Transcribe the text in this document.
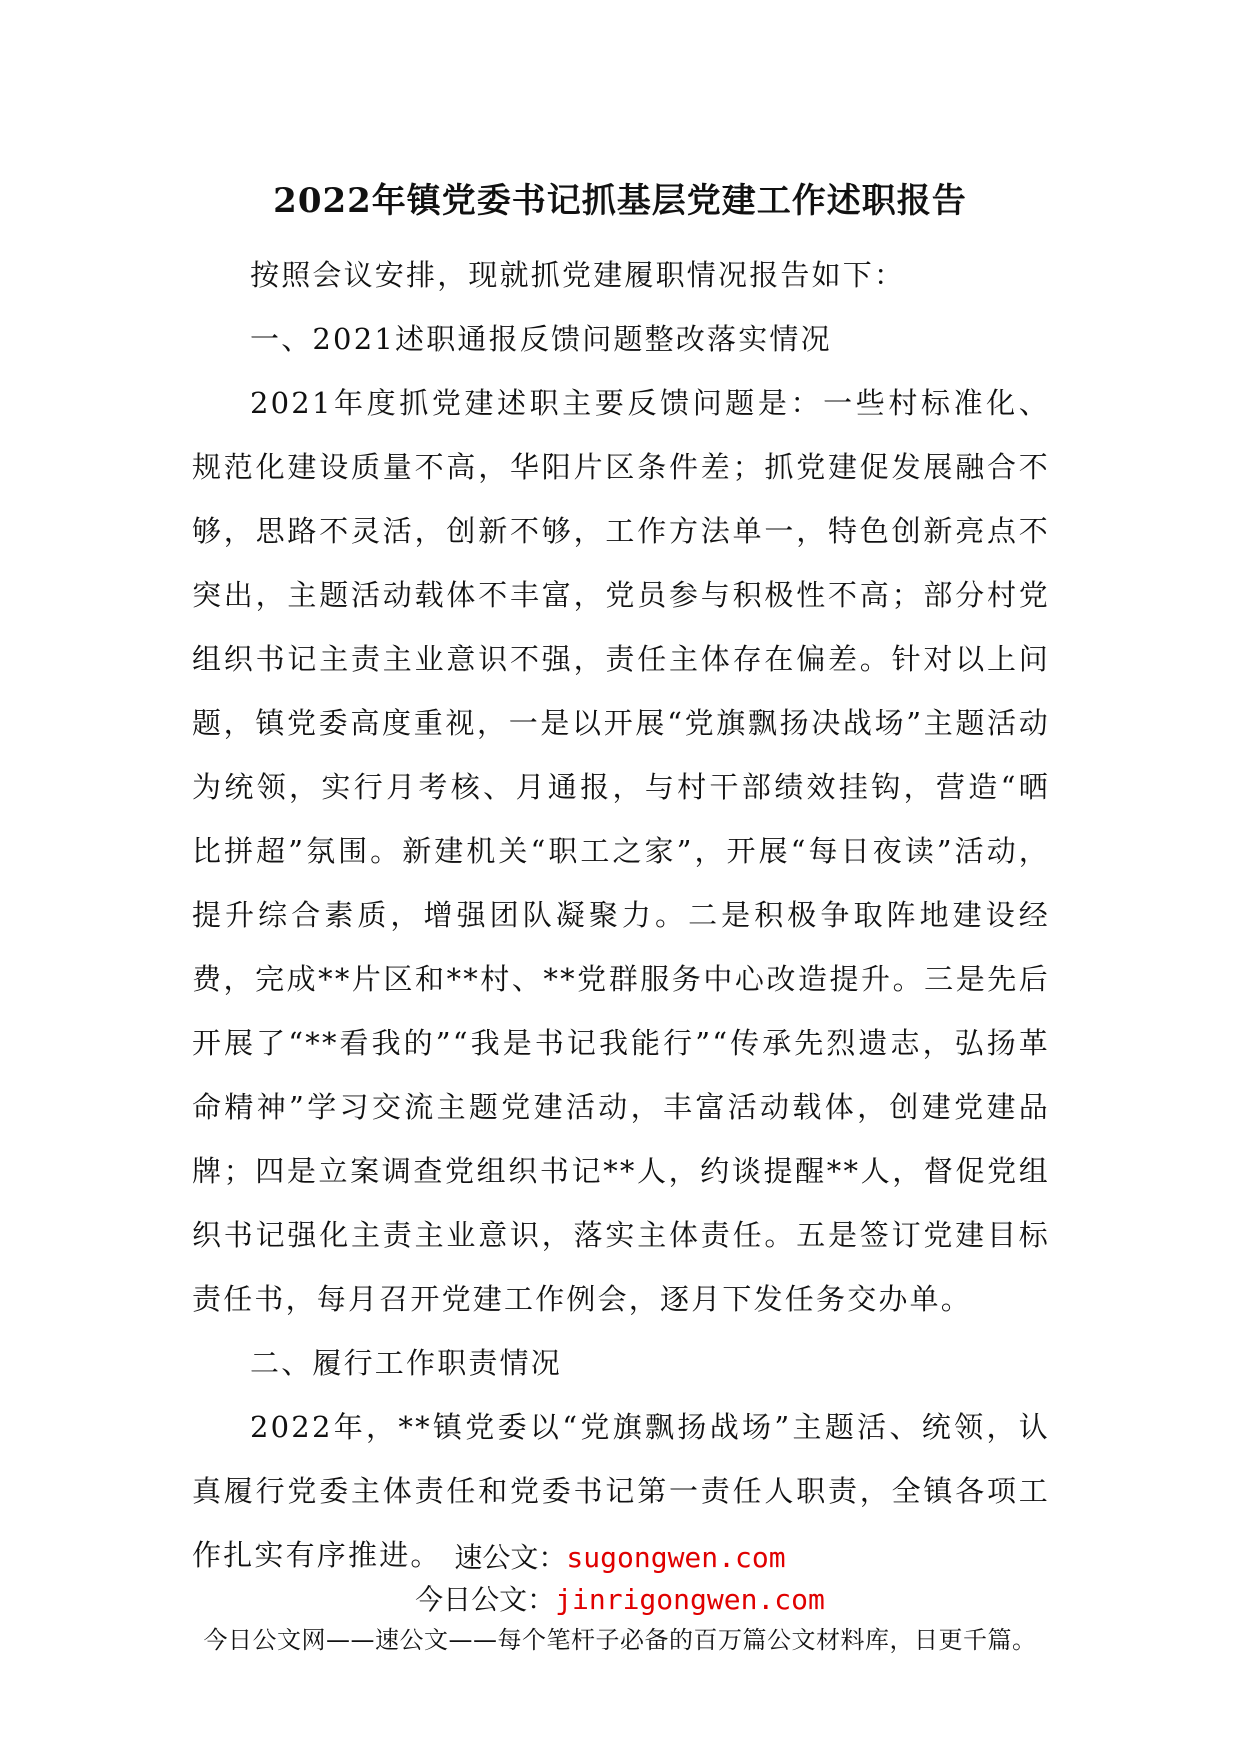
2022年镇党委书记抓基层党建工作述职报告

按照会议安排，现就抓党建履职情况报告如下：

一、2021述职通报反馈问题整改落实情况

2021年度抓党建述职主要反馈问题是：一些村标准化、规范化建设质量不高，华阳片区条件差；抓党建促发展融合不够，思路不灵活，创新不够，工作方法单一，特色创新亮点不突出，主题活动载体不丰富，党员参与积极性不高；部分村党组织书记主责主业意识不强，责任主体存在偏差。针对以上问题，镇党委高度重视，一是以开展“党旗飘扬决战场”主题活动为统领，实行月考核、月通报，与村干部绩效挂钩，营造“晒比拼超”氛围。新建机关“职工之家”，开展“每日夜读”活动，提升综合素质，增强团队凝聚力。二是积极争取阵地建设经费，完成**片区和**村、**党群服务中心改造提升。三是先后开展了“**看我的”“我是书记我能行”“传承先烈遗志，弘扬革命精神”学习交流主题党建活动，丰富活动载体，创建党建品牌；四是立案调查党组织书记**人，约谈提醒**人，督促党组织书记强化主责主业意识，落实主体责任。五是签订党建目标责任书，每月召开党建工作例会，逐月下发任务交办单。

二、履行工作职责情况

2022年，**镇党委以“党旗飘扬战场”主题活、统领，认真履行党委主体责任和党委书记第一责任人职责，全镇各项工作扎实有序推进。 速公文：sugongwen.com
今日公文：jinrigongwen.com
今日公文网——速公文——每个笔杆子必备的百万篇公文材料库，日更千篇。
